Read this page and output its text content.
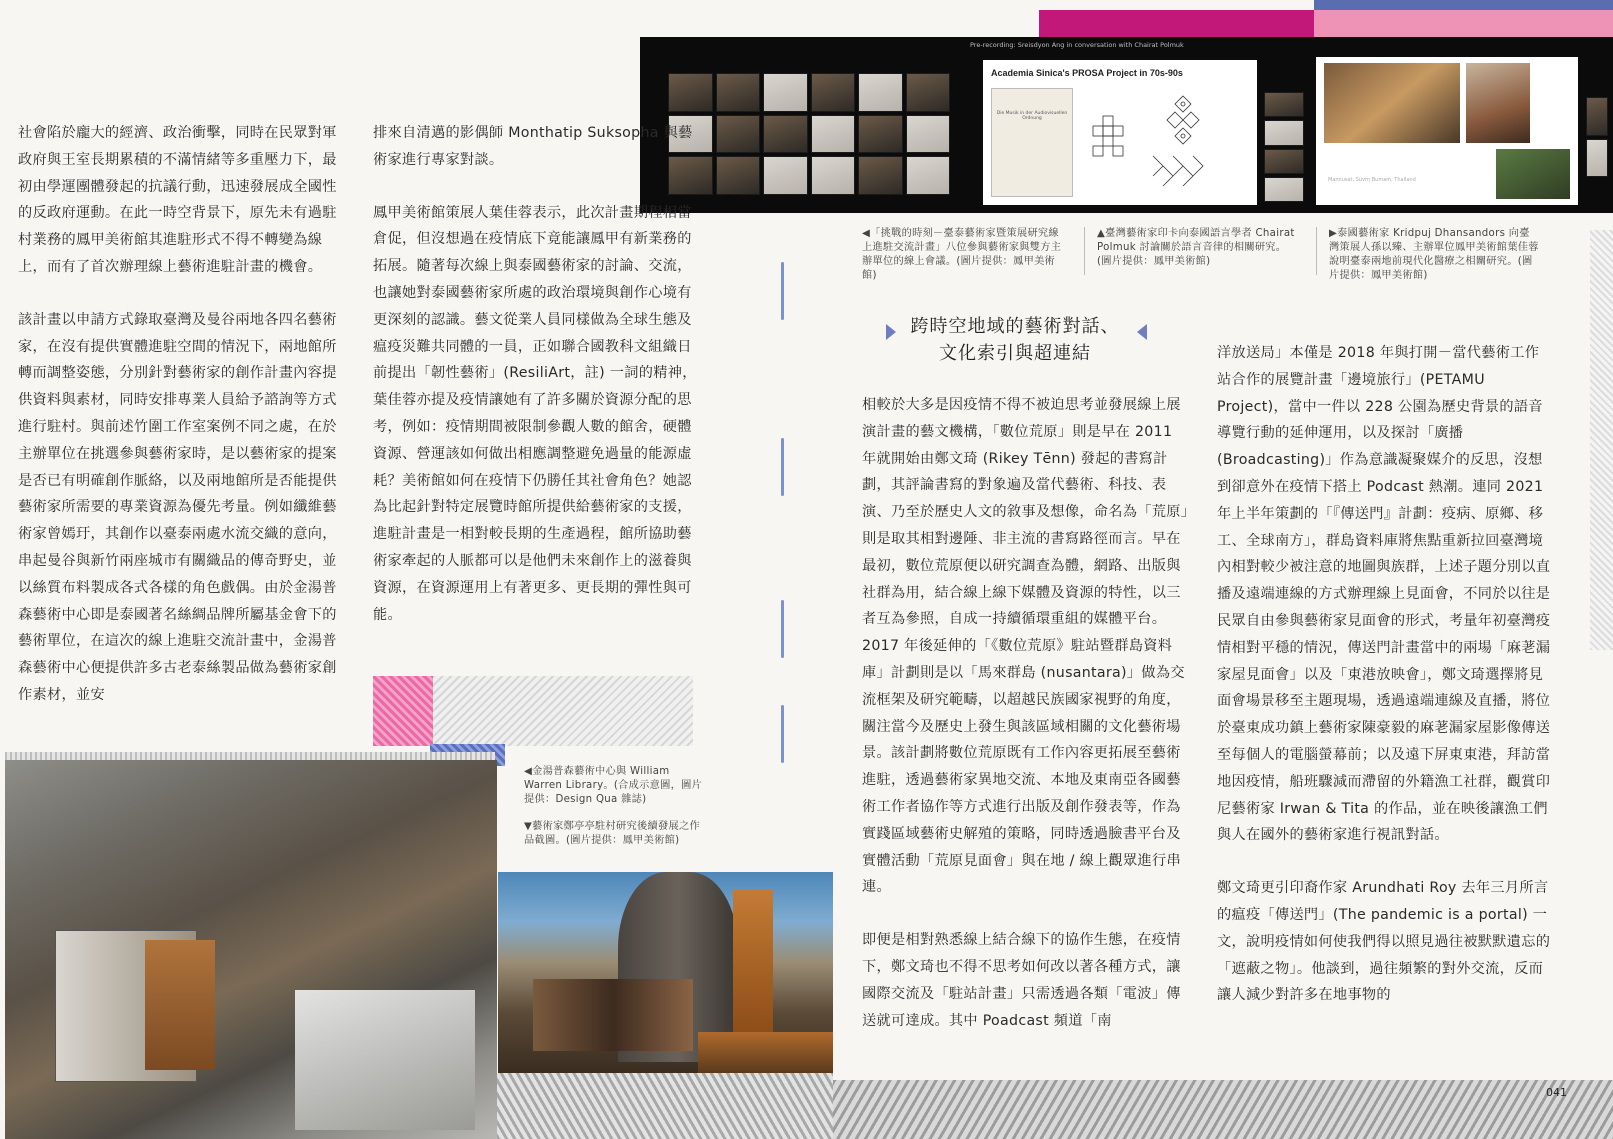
Pre-recording: Sreisdyon Ang in conversation with Chairat Polmuk
Academia Sinica's PROSA Project in 70s-90s
Die Musik in der Audiovisuellen Ordnung
Mannusat, Suvrn Bumam, Thailand
◀「挑戰的時刻－臺泰藝術家暨策展研究線上進駐交流計畫」八位參與藝術家與雙方主辦單位的線上會議。(圖片提供：鳳甲美術館)
▲臺灣藝術家印卡向泰國語言學者 Chairat Polmuk 討論關於語言音律的相關研究。(圖片提供：鳳甲美術館)
▶泰國藝術家 Kridpuj Dhansandors 向臺灣策展人孫以臻、主辦單位鳳甲美術館葉佳蓉說明臺泰兩地前現代化醫療之相關研究。(圖片提供：鳳甲美術館)

社會陷於龐大的經濟、政治衝擊，同時在民眾對軍政府與王室長期累積的不滿情緒等多重壓力下，最初由學運團體發起的抗議行動，迅速發展成全國性的反政府運動。在此一時空背景下，原先未有過駐村業務的鳳甲美術館其進駐形式不得不轉變為線上，而有了首次辦理線上藝術進駐計畫的機會。

該計畫以申請方式錄取臺灣及曼谷兩地各四名藝術家，在沒有提供實體進駐空間的情況下，兩地館所轉而調整姿態，分別針對藝術家的創作計畫內容提供資料與素材，同時安排專業人員給予諮詢等方式進行駐村。與前述竹圍工作室案例不同之處，在於主辦單位在挑選參與藝術家時，是以藝術家的提案是否已有明確創作脈絡，以及兩地館所是否能提供藝術家所需要的專業資源為優先考量。例如纖維藝術家曾嫣玗，其創作以臺泰兩處水流交織的意向，串起曼谷與新竹兩座城市有關織品的傳奇野史，並以絲質布料製成各式各樣的角色戲偶。由於金湯普森藝術中心即是泰國著名絲綢品牌所屬基金會下的藝術單位，在這次的線上進駐交流計畫中，金湯普森藝術中心便提供許多古老泰絲製品做為藝術家創作素材，並安

排來自清邁的影偶師 Monthatip Suksopha 與藝術家進行專家對談。

鳳甲美術館策展人葉佳蓉表示，此次計畫期程相當倉促，但沒想過在疫情底下竟能讓鳳甲有新業務的拓展。隨著每次線上與泰國藝術家的討論、交流，也讓她對泰國藝術家所處的政治環境與創作心境有更深刻的認識。藝文從業人員同樣做為全球生態及瘟疫災難共同體的一員，正如聯合國教科文組織日前提出「韌性藝術」(ResiliArt，註) 一詞的精神，葉佳蓉亦提及疫情讓她有了許多關於資源分配的思考，例如：疫情期間被限制參觀人數的館舍，硬體資源、營運該如何做出相應調整避免過量的能源虛耗？美術館如何在疫情下仍勝任其社會角色？她認為比起針對特定展覽時館所提供給藝術家的支援，進駐計畫是一相對較長期的生產過程，館所協助藝術家牽起的人脈都可以是他們未來創作上的滋養與資源，在資源運用上有著更多、更長期的彈性與可能。

跨時空地域的藝術對話、
文化索引與超連結

相較於大多是因疫情不得不被迫思考並發展線上展演計畫的藝文機構，「數位荒原」則是早在 2011 年就開始由鄭文琦 (Rikey Tēnn) 發起的書寫計劃，其評論書寫的對象遍及當代藝術、科技、表演、乃至於歷史人文的敘事及想像，命名為「荒原」則是取其相對邊陲、非主流的書寫路徑而言。早在最初，數位荒原便以研究調查為體，網路、出版與社群為用，結合線上線下媒體及資源的特性，以三者互為參照，自成一持續循環重組的媒體平台。2017 年後延伸的「《數位荒原》駐站暨群島資料庫」計劃則是以「馬來群島 (nusantara)」做為交流框架及研究範疇，以超越民族國家視野的角度，關注當今及歷史上發生與該區域相關的文化藝術場景。該計劃將數位荒原既有工作內容更拓展至藝術進駐，透過藝術家異地交流、本地及東南亞各國藝術工作者協作等方式進行出版及創作發表等，作為實踐區域藝術史解殖的策略，同時透過臉書平台及實體活動「荒原見面會」與在地 / 線上觀眾進行串連。

即便是相對熟悉線上結合線下的協作生態，在疫情下，鄭文琦也不得不思考如何改以著各種方式，讓國際交流及「駐站計畫」只需透過各類「電波」傳送就可達成。其中 Poadcast 頻道「南

洋放送局」本僅是 2018 年與打開－當代藝術工作站合作的展覽計畫「邊境旅行」(PETAMU Project)，當中一件以 228 公園為歷史背景的語音導覽行動的延伸運用，以及探討「廣播 (Broadcasting)」作為意識凝聚媒介的反思，沒想到卻意外在疫情下搭上 Podcast 熱潮。連同 2021 年上半年策劃的「『傳送門』計劃：疫病、原鄉、移工、全球南方」，群島資料庫將焦點重新拉回臺灣境內相對較少被注意的地圖與族群，上述子題分別以直播及遠端連線的方式辦理線上見面會，不同於以往是民眾自由參與藝術家見面會的形式，考量年初臺灣疫情相對平穩的情況，傳送門計畫當中的兩場「麻荖漏家屋見面會」以及「東港放映會」，鄭文琦選擇將見面會場景移至主題現場，透過遠端連線及直播，將位於臺東成功鎮上藝術家陳豪毅的麻荖漏家屋影像傳送至每個人的電腦螢幕前；以及遠下屏東東港，拜訪當地因疫情，船班驟減而滯留的外籍漁工社群，觀賞印尼藝術家 Irwan & Tita 的作品，並在映後讓漁工們與人在國外的藝術家進行視訊對話。

鄭文琦更引印裔作家 Arundhati Roy 去年三月所言的瘟疫「傳送門」(The pandemic is a portal) 一文，說明疫情如何使我們得以照見過往被默默遺忘的「遮蔽之物」。他談到，過往頻繁的對外交流，反而讓人減少對許多在地事物的

◀金湯普森藝術中心與 William Warren Library。(合成示意圖，圖片提供：Design Qua 雜誌)
▼藝術家鄭亭亭駐村研究後續發展之作品截圖。(圖片提供：鳳甲美術館)
041
